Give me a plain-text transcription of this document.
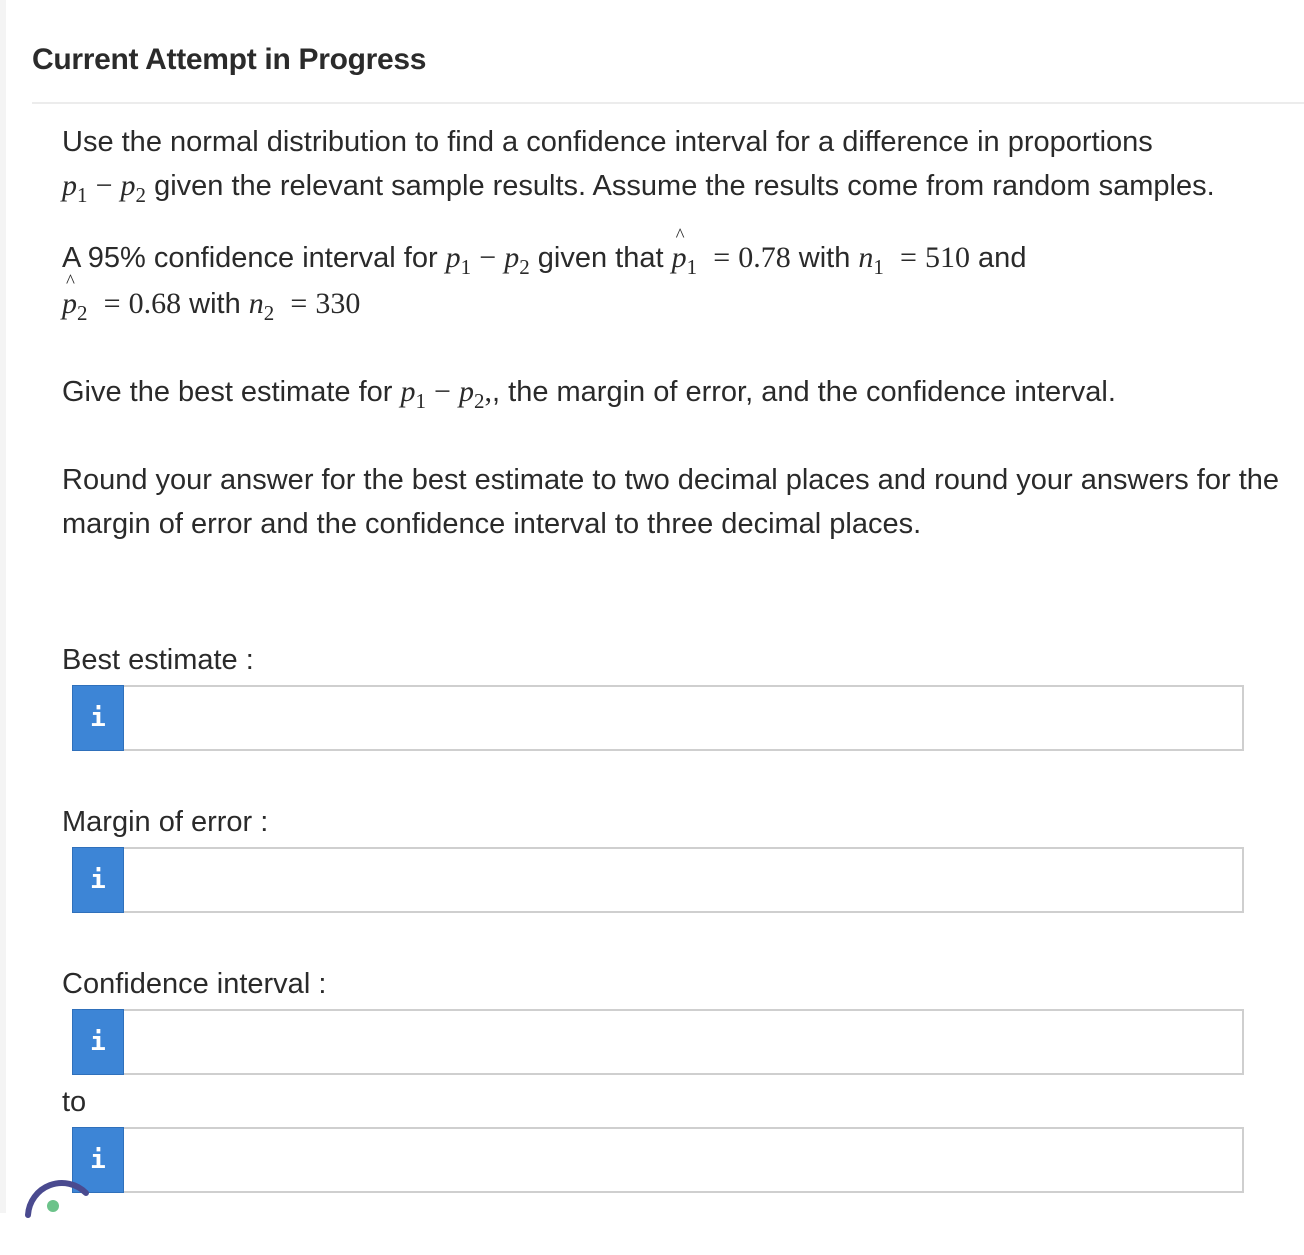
Current Attempt in Progress

Use the normal distribution to find a confidence interval for a difference in proportions
$p_1 - p_2$ given the relevant sample results. Assume the results come from random samples.

A 95% confidence interval for $p_1 - p_2$ given that ^ $p_1 = 0.78$ with $n_1 = 510$ and
^ $p_2 = 0.68$ with $n_2 = 330$

Give the best estimate for $p_1 - p_2$,, the margin of error, and the confidence interval.

Round your answer for the best estimate to two decimal places and round your answers for the margin of error and the confidence interval to three decimal places.

Best estimate :
i
Margin of error :
i
Confidence interval :
i
to
i
